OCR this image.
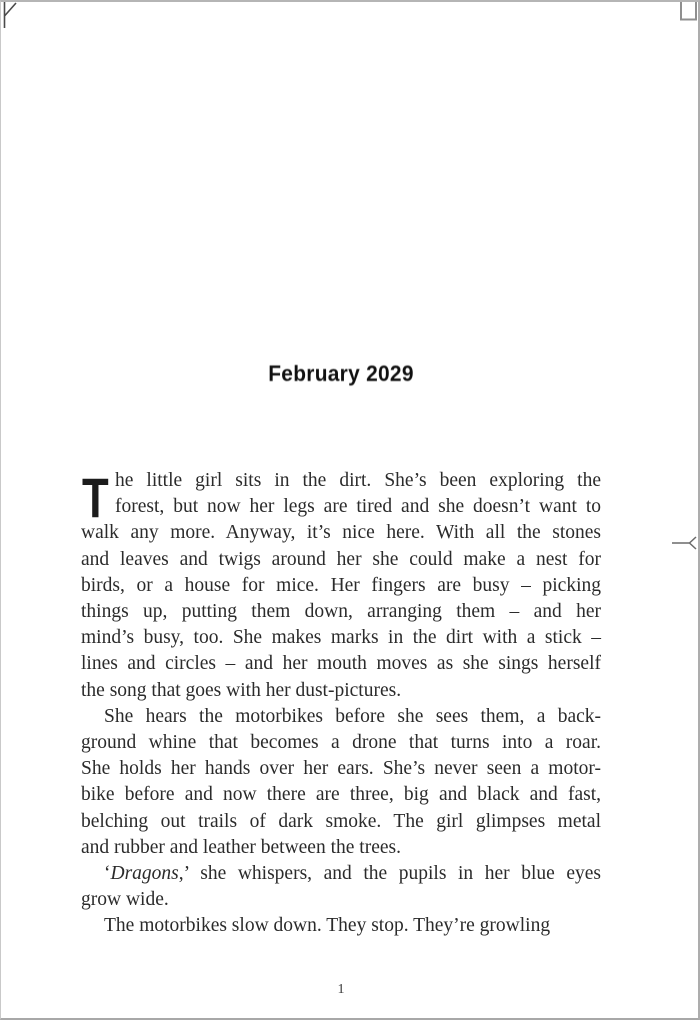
February 2029
T he little girl sits in the dirt. She’s been exploring the
forest, but now her legs are tired and she doesn’t want to
walk any more. Anyway, it’s nice here. With all the stones
and leaves and twigs around her she could make a nest for
birds, or a house for mice. Her fingers are busy – picking
things up, putting them down, arranging them – and her
mind’s busy, too. She makes marks in the dirt with a stick –
lines and circles – and her mouth moves as she sings herself
the song that goes with her dust-pictures.
She hears the motorbikes before she sees them, a back-
ground whine that becomes a drone that turns into a roar.
She holds her hands over her ears. She’s never seen a motor-
bike before and now there are three, big and black and fast,
belching out trails of dark smoke. The girl glimpses metal
and rubber and leather between the trees.
‘Dragons,’ she whispers, and the pupils in her blue eyes
grow wide.
The motorbikes slow down. They stop. They’re growling
1
